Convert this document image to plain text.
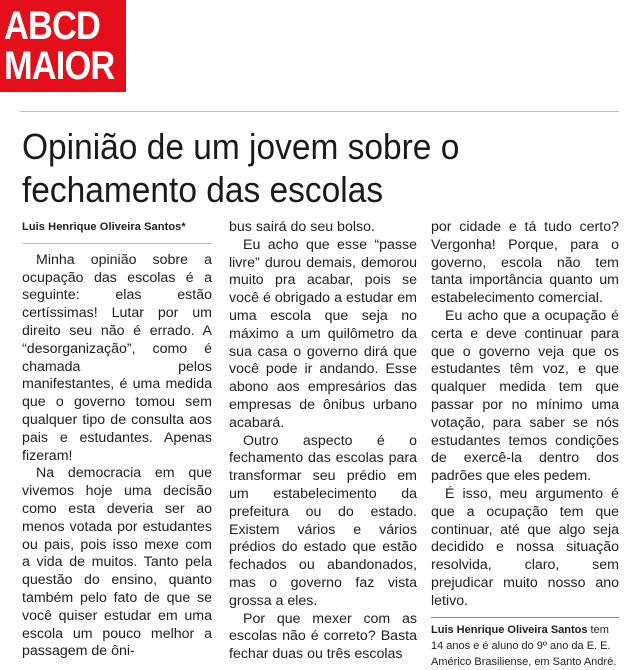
ABCD
MAIOR
Opinião de um jovem sobre o
fechamento das escolas
Luis Henrique Oliveira Santos*

Minha opinião sobre a ocupação das escolas é a seguinte: elas estão certíssimas! Lutar por um direito seu não é errado. A “desorganização”, como é chamada pelos manifestantes, é uma medida que o governo tomou sem qualquer tipo de consulta aos pais e estudantes. Apenas fizeram!

Na democracia em que vivemos hoje uma decisão como esta deveria ser ao menos votada por estudantes ou pais, pois isso mexe com a vida de muitos. Tanto pela questão do ensino, quanto também pelo fato de que se você quiser estudar em uma escola um pouco melhor a passagem de ôni-

bus sairá do seu bolso.

Eu acho que esse “passe livre” durou demais, demorou muito pra acabar, pois se você é obrigado a estudar em uma escola que seja no máximo a um quilômetro da sua casa o governo dirá que você pode ir andando. Esse abono aos empresários das empresas de ônibus urbano acabará.

Outro aspecto é o fechamento das escolas para transformar seu prédio em um estabelecimento da prefeitura ou do estado. Existem vários e vários prédios do estado que estão fechados ou abandonados, mas o governo faz vista grossa a eles.

Por que mexer com as escolas não é correto? Basta fechar duas ou três escolas

por cidade e tá tudo certo? Vergonha! Porque, para o governo, escola não tem tanta importância quanto um estabelecimento comercial.

Eu acho que a ocupação é certa e deve continuar para que o governo veja que os estudantes têm voz, e que qualquer medida tem que passar por no mínimo uma votação, para saber se nós estudantes temos condições de exercê-la dentro dos padrões que eles pedem.

É isso, meu argumento é que a ocupação tem que continuar, até que algo seja decidido e nossa situação resolvida, claro, sem prejudicar muito nosso ano letivo.

Luis Henrique Oliveira Santos tem 14 anos e é aluno do 9º ano da E. E. Américo Brasiliense, em Santo André.
